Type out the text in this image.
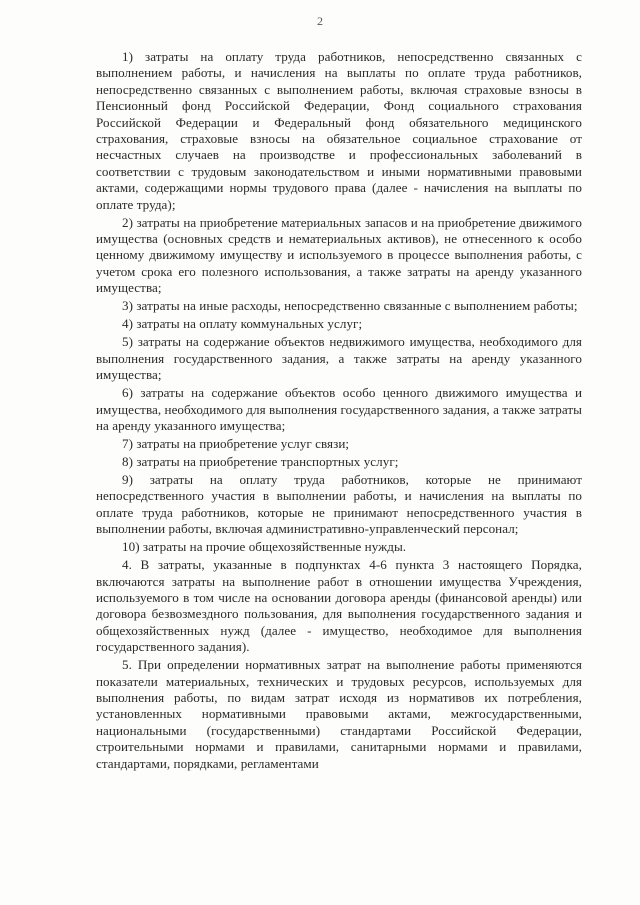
2

1) затраты на оплату труда работников, непосредственно связанных с выполнением работы, и начисления на выплаты по оплате труда работников, непосредственно связанных с выполнением работы, включая страховые взносы в Пенсионный фонд Российской Федерации, Фонд социального страхования Российской Федерации и Федеральный фонд обязательного медицинского страхования, страховые взносы на обязательное социальное страхование от несчастных случаев на производстве и профессиональных заболеваний в соответствии с трудовым законодательством и иными нормативными правовыми актами, содержащими нормы трудового права (далее - начисления на выплаты по оплате труда);

2) затраты на приобретение материальных запасов и на приобретение движимого имущества (основных средств и нематериальных активов), не отнесенного к особо ценному движимому имуществу и используемого в процессе выполнения работы, с учетом срока его полезного использования, а также затраты на аренду указанного имущества;

3) затраты на иные расходы, непосредственно связанные с выполнением работы;

4) затраты на оплату коммунальных услуг;

5) затраты на содержание объектов недвижимого имущества, необходимого для выполнения государственного задания, а также затраты на аренду указанного имущества;

6) затраты на содержание объектов особо ценного движимого имущества и имущества, необходимого для выполнения государственного задания, а также затраты на аренду указанного имущества;

7) затраты на приобретение услуг связи;

8) затраты на приобретение транспортных услуг;

9) затраты на оплату труда работников, которые не принимают непосредственного участия в выполнении работы, и начисления на выплаты по оплате труда работников, которые не принимают непосредственного участия в выполнении работы, включая административно-управленческий персонал;

10) затраты на прочие общехозяйственные нужды.

4. В затраты, указанные в подпунктах 4-6 пункта 3 настоящего Порядка, включаются затраты на выполнение работ в отношении имущества Учреждения, используемого в том числе на основании договора аренды (финансовой аренды) или договора безвозмездного пользования, для выполнения государственного задания и общехозяйственных нужд (далее - имущество, необходимое для выполнения государственного задания).

5. При определении нормативных затрат на выполнение работы применяются показатели материальных, технических и трудовых ресурсов, используемых для выполнения работы, по видам затрат исходя из нормативов их потребления, установленных нормативными правовыми актами, межгосударственными, национальными (государственными) стандартами Российской Федерации, строительными нормами и правилами, санитарными нормами и правилами, стандартами, порядками, регламентами
